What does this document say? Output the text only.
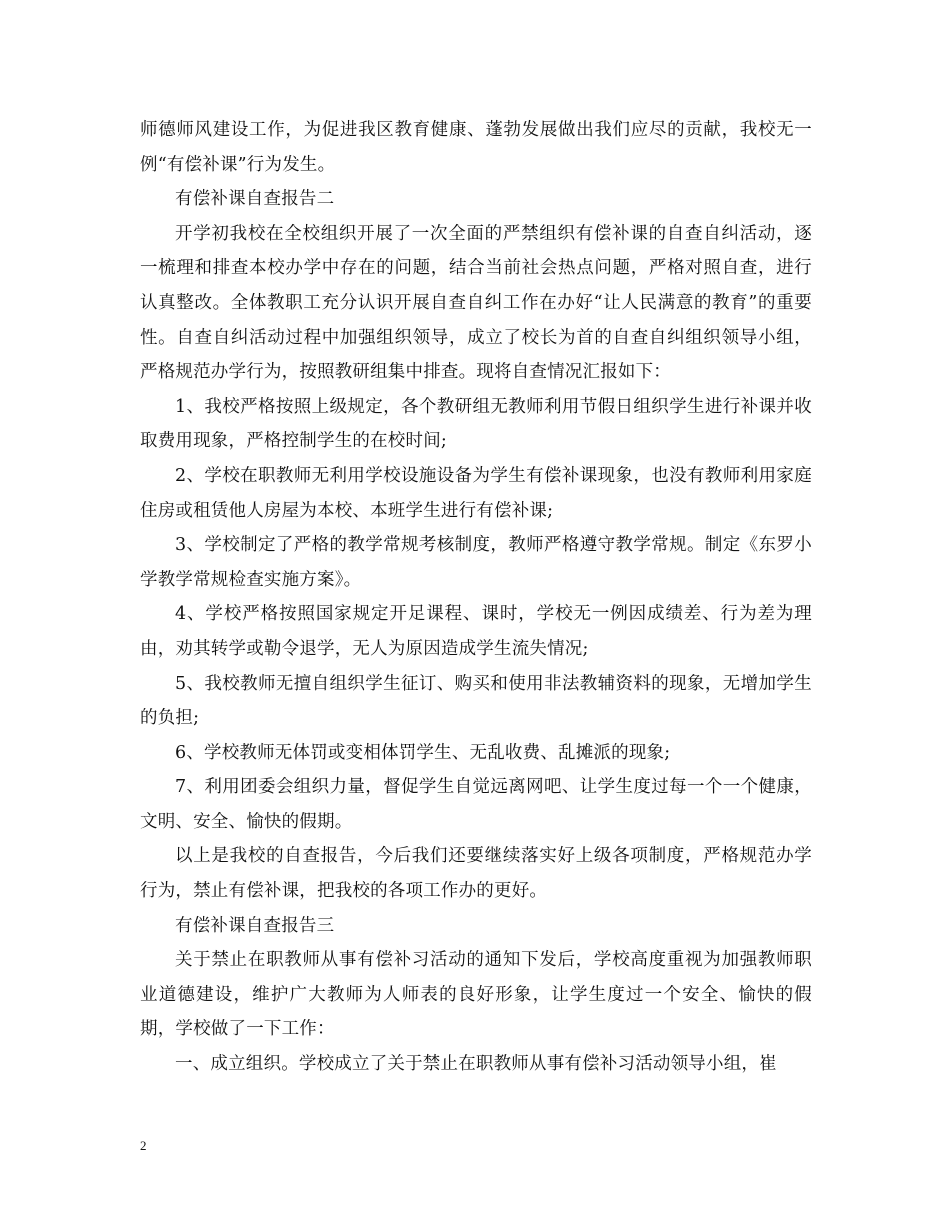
师德师风建设工作，为促进我区教育健康、蓬勃发展做出我们应尽的贡献，我校无一例“有偿补课”行为发生。

有偿补课自查报告二

开学初我校在全校组织开展了一次全面的严禁组织有偿补课的自查自纠活动，逐一梳理和排查本校办学中存在的问题，结合当前社会热点问题，严格对照自查，进行认真整改。全体教职工充分认识开展自查自纠工作在办好“让人民满意的教育”的重要性。自查自纠活动过程中加强组织领导，成立了校长为首的自查自纠组织领导小组，严格规范办学行为，按照教研组集中排查。现将自查情况汇报如下：

1、我校严格按照上级规定，各个教研组无教师利用节假日组织学生进行补课并收取费用现象，严格控制学生的在校时间;

2、学校在职教师无利用学校设施设备为学生有偿补课现象，也没有教师利用家庭住房或租赁他人房屋为本校、本班学生进行有偿补课;

3、学校制定了严格的教学常规考核制度，教师严格遵守教学常规。制定《东罗小学教学常规检查实施方案》。

4、学校严格按照国家规定开足课程、课时，学校无一例因成绩差、行为差为理由，劝其转学或勒令退学，无人为原因造成学生流失情况;

5、我校教师无擅自组织学生征订、购买和使用非法教辅资料的现象，无增加学生的负担;

6、学校教师无体罚或变相体罚学生、无乱收费、乱摊派的现象;

7、利用团委会组织力量，督促学生自觉远离网吧、让学生度过每一个一个健康，文明、安全、愉快的假期。

以上是我校的自查报告，今后我们还要继续落实好上级各项制度，严格规范办学行为，禁止有偿补课，把我校的各项工作办的更好。

有偿补课自查报告三

关于禁止在职教师从事有偿补习活动的通知下发后，学校高度重视为加强教师职业道德建设，维护广大教师为人师表的良好形象，让学生度过一个安全、愉快的假期，学校做了一下工作：

一、成立组织。学校成立了关于禁止在职教师从事有偿补习活动领导小组，崔

2
